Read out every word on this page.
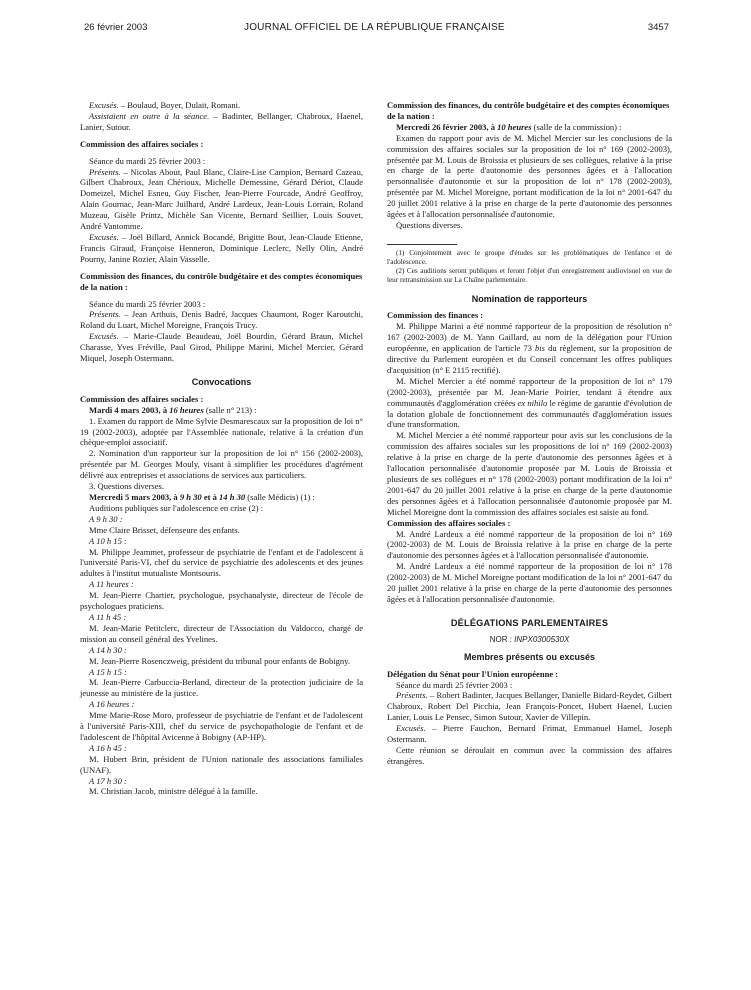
26 février 2003	JOURNAL OFFICIEL DE LA RÉPUBLIQUE FRANÇAISE	3457

Excusés. – Boulaud, Boyer, Dulait, Romani.

Assistaient en outre à la séance. – Badinter, Bellanger, Chabroux, Haenel, Lanier, Sutour.

Commission des affaires sociales :

Séance du mardi 25 février 2003 :

Présents. – Nicolas About, Paul Blanc, Claire-Lise Campion, Bernard Cazeau, Gilbert Chabroux, Jean Chérioux, Michelle Demessine, Gérard Dériot, Claude Domeizel, Michel Esneu, Guy Fischer, Jean-Pierre Fourcade, André Geoffroy, Alain Gournac, Jean-Marc Juilhard, André Lardeux, Jean-Louis Lorrain, Roland Muzeau, Gisèle Printz, Michèle San Vicente, Bernard Seillier, Louis Souvet, André Vantomme.

Excusés. – Joël Billard, Annick Bocandé, Brigitte Bout, Jean-Claude Etienne, Francis Giraud, Françoise Henneron, Dominique Leclerc, Nelly Olin, André Pourny, Janine Rozier, Alain Vasselle.

Commission des finances, du contrôle budgétaire et des comptes économiques de la nation :

Séance du mardi 25 février 2003 :

Présents. – Jean Arthuis, Denis Badré, Jacques Chaumont, Roger Karoutchi, Roland du Luart, Michel Moreigne, François Trucy.

Excusés. – Marie-Claude Beaudeau, Joël Bourdin, Gérard Braun, Michel Charasse, Yves Fréville, Paul Girod, Philippe Marini, Michel Mercier, Gérard Miquel, Joseph Ostermann.

Convocations

Commission des affaires sociales :

Mardi 4 mars 2003, à 16 heures (salle n° 213) :

1. Examen du rapport de Mme Sylvie Desmarescaux sur la proposition de loi n° 19 (2002-2003), adoptée par l'Assemblée nationale, relative à la création d'un chèque-emploi associatif.

2. Nomination d'un rapporteur sur la proposition de loi n° 156 (2002-2003), présentée par M. Georges Mouly, visant à simplifier les procédures d'agrément délivré aux entreprises et associations de services aux particuliers.

3. Questions diverses.

Mercredi 5 mars 2003, à 9 h 30 et à 14 h 30 (salle Médicis) (1) :

Auditions publiques sur l'adolescence en crise (2) :

A 9 h 30 :

Mme Claire Brisset, défenseure des enfants.

A 10 h 15 :

M. Philippe Jeammet, professeur de psychiatrie de l'enfant et de l'adolescent à l'université Paris-VI, chef du service de psychiatrie des adolescents et des jeunes adultes à l'institut mutualiste Montsouris.

A 11 heures :

M. Jean-Pierre Chartier, psychologue, psychanalyste, directeur de l'école de psychologues praticiens.

A 11 h 45 :

M. Jean-Marie Petitclerc, directeur de l'Association du Valdocco, chargé de mission au conseil général des Yvelines.

A 14 h 30 :

M. Jean-Pierre Rosenczweig, président du tribunal pour enfants de Bobigny.

A 15 h 15 :

M. Jean-Pierre Carbuccia-Berland, directeur de la protection judiciaire de la jeunesse au ministère de la justice.

A 16 heures :

Mme Marie-Rose Moro, professeur de psychiatrie de l'enfant et de l'adolescent à l'université Paris-XIII, chef du service de psychopathologie de l'enfant et de l'adolescent de l'hôpital Avicenne à Bobigny (AP-HP).

A 16 h 45 :

M. Hubert Brin, président de l'Union nationale des associations familiales (UNAF).

A 17 h 30 :

M. Christian Jacob, ministre délégué à la famille.

Commission des finances, du contrôle budgétaire et des comptes économiques de la nation :

Mercredi 26 février 2003, à 10 heures (salle de la commission) :

Examen du rapport pour avis de M. Michel Mercier sur les conclusions de la commission des affaires sociales sur la proposition de loi n° 169 (2002-2003), présentée par M. Louis de Broissia et plusieurs de ses collègues, relative à la prise en charge de la perte d'autonomie des personnes âgées et à l'allocation personnalisée d'autonomie et sur la proposition de loi n° 178 (2002-2003), présentée par M. Michel Moreigne, portant modification de la loi n° 2001-647 du 20 juillet 2001 relative à la prise en charge de la perte d'autonomie des personnes âgées et à l'allocation personnalisée d'autonomie.

Questions diverses.

(1) Conjointement avec le groupe d'études sur les problématiques de l'enfance et de l'adolescence.

(2) Ces auditions seront publiques et feront l'objet d'un enregistrement audiovisuel en vue de leur retransmission sur La Chaîne parlementaire.

Nomination de rapporteurs

Commission des finances :

M. Philippe Marini a été nommé rapporteur de la proposition de résolution n° 167 (2002-2003) de M. Yann Gaillard, au nom de la délégation pour l'Union européenne, en application de l'article 73 bis du règlement, sur la proposition de directive du Parlement européen et du Conseil concernant les offres publiques d'acquisition (n° E 2115 rectifié).

M. Michel Mercier a été nommé rapporteur de la proposition de loi n° 179 (2002-2003), présentée par M. Jean-Marie Poirier, tendant à étendre aux communautés d'agglomération créées ex nihilo le régime de garantie d'évolution de la dotation globale de fonctionnement des communautés d'agglomération issues d'une transformation.

M. Michel Mercier a été nommé rapporteur pour avis sur les conclusions de la commission des affaires sociales sur les propositions de loi n° 169 (2002-2003) relative à la prise en charge de la perte d'autonomie des personnes âgées et à l'allocation personnalisée d'autonomie proposée par M. Louis de Broissia et plusieurs de ses collègues et n° 178 (2002-2003) portant modification de la loi n° 2001-647 du 20 juillet 2001 relative à la prise en charge de la perte d'autonomie des personnes âgées et à l'allocation personnalisée d'autonomie proposée par M. Michel Moreigne dont la commission des affaires sociales est saisie au fond.

Commission des affaires sociales :

M. André Lardeux a été nommé rapporteur de la proposition de loi n° 169 (2002-2003) de M. Louis de Broissia relative à la prise en charge de la perte d'autonomie des personnes âgées et à l'allocation personnalisée d'autonomie.

M. André Lardeux a été nommé rapporteur de la proposition de loi n° 178 (2002-2003) de M. Michel Moreigne portant modification de la loi n° 2001-647 du 20 juillet 2001 relative à la prise en charge de la perte d'autonomie des personnes âgées et à l'allocation personnalisée d'autonomie.

DÉLÉGATIONS PARLEMENTAIRES

NOR : INPX0300530X

Membres présents ou excusés

Délégation du Sénat pour l'Union européenne :

Séance du mardi 25 février 2003 :

Présents. – Robert Badinter, Jacques Bellanger, Danielle Bidard-Reydet, Gilbert Chabroux, Robert Del Picchia, Jean François-Poncet, Hubert Haenel, Lucien Lanier, Louis Le Pensec, Simon Sutour, Xavier de Villepin.

Excusés. – Pierre Fauchon, Bernard Frimat, Emmanuel Hamel, Joseph Ostermann.

Cette réunion se déroulait en commun avec la commission des affaires étrangères.
